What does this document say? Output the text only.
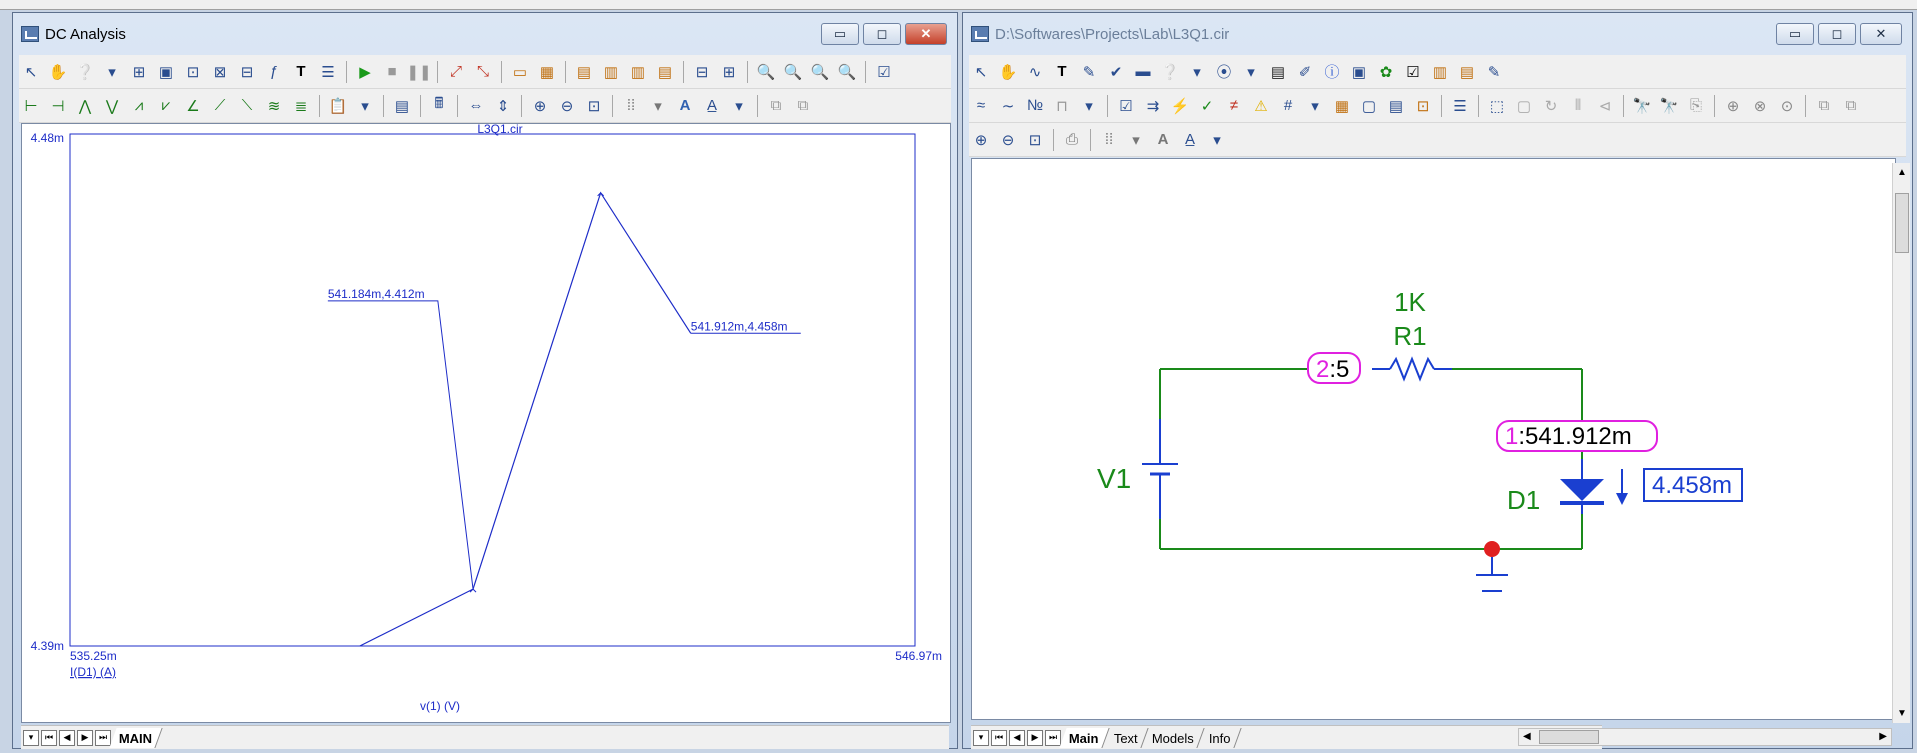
DC Analysis	▭	◻	✕
↖ ✋ ❔ ▾	⊞ ▣ ⊡ ⊠ ⊟	ƒ	T	☰	▶	■ ❚❚	⤢ ⤡	▭ ▦	▤ ▥ ▥ ▤	⊟ ⊞	🔍 🔍 🔍 🔍	☑
⊢ ⊣ ⋀ ⋁	⩘	⩗	∠	⟋	⟍	≋ ≣	📋 ▾	▤	🖩	⇔ ⇕	⊕ ⊖ ⊡	⁞⁞	▾	A	A̲	▾	⧉	⧉
L3Q1.cir
4.48m
4.39m
535.25m	546.97m
I(D1) (A)
v(1) (V)
541.184m,4.412m
541.912m,4.458m
▾	⏮	◀	▶	⏭ MAIN
D:\Softwares\Projects\Lab\L3Q1.cir	▭	◻	✕
↖ ✋ ∿	T	✎ ✔ ▬ ❔ ▾	⦿	▾	▤ ✐ ⓘ ▣ ✿ ☑ ▥ ▤ ✎
≈	∼ № ⊓	▾	☑ ⇉ ⚡ ✓	≠	⚠	#	▾	▦ ▢ ▤ ⊡	☰	⬚ ▢ ↻	⫴	⊲	🔭 🔭 ⎘	⊕ ⊗ ⊙	⧉	⧉
⊕ ⊖ ⊡	⎙	⁞⁞	▾	A	A̲	▾
1K
R1
2:5
V1
1:541.912m
D1	4.458m
▲
▼
▾	⏮	◀	▶	⏭ Main Text Models Info	◀	▶
